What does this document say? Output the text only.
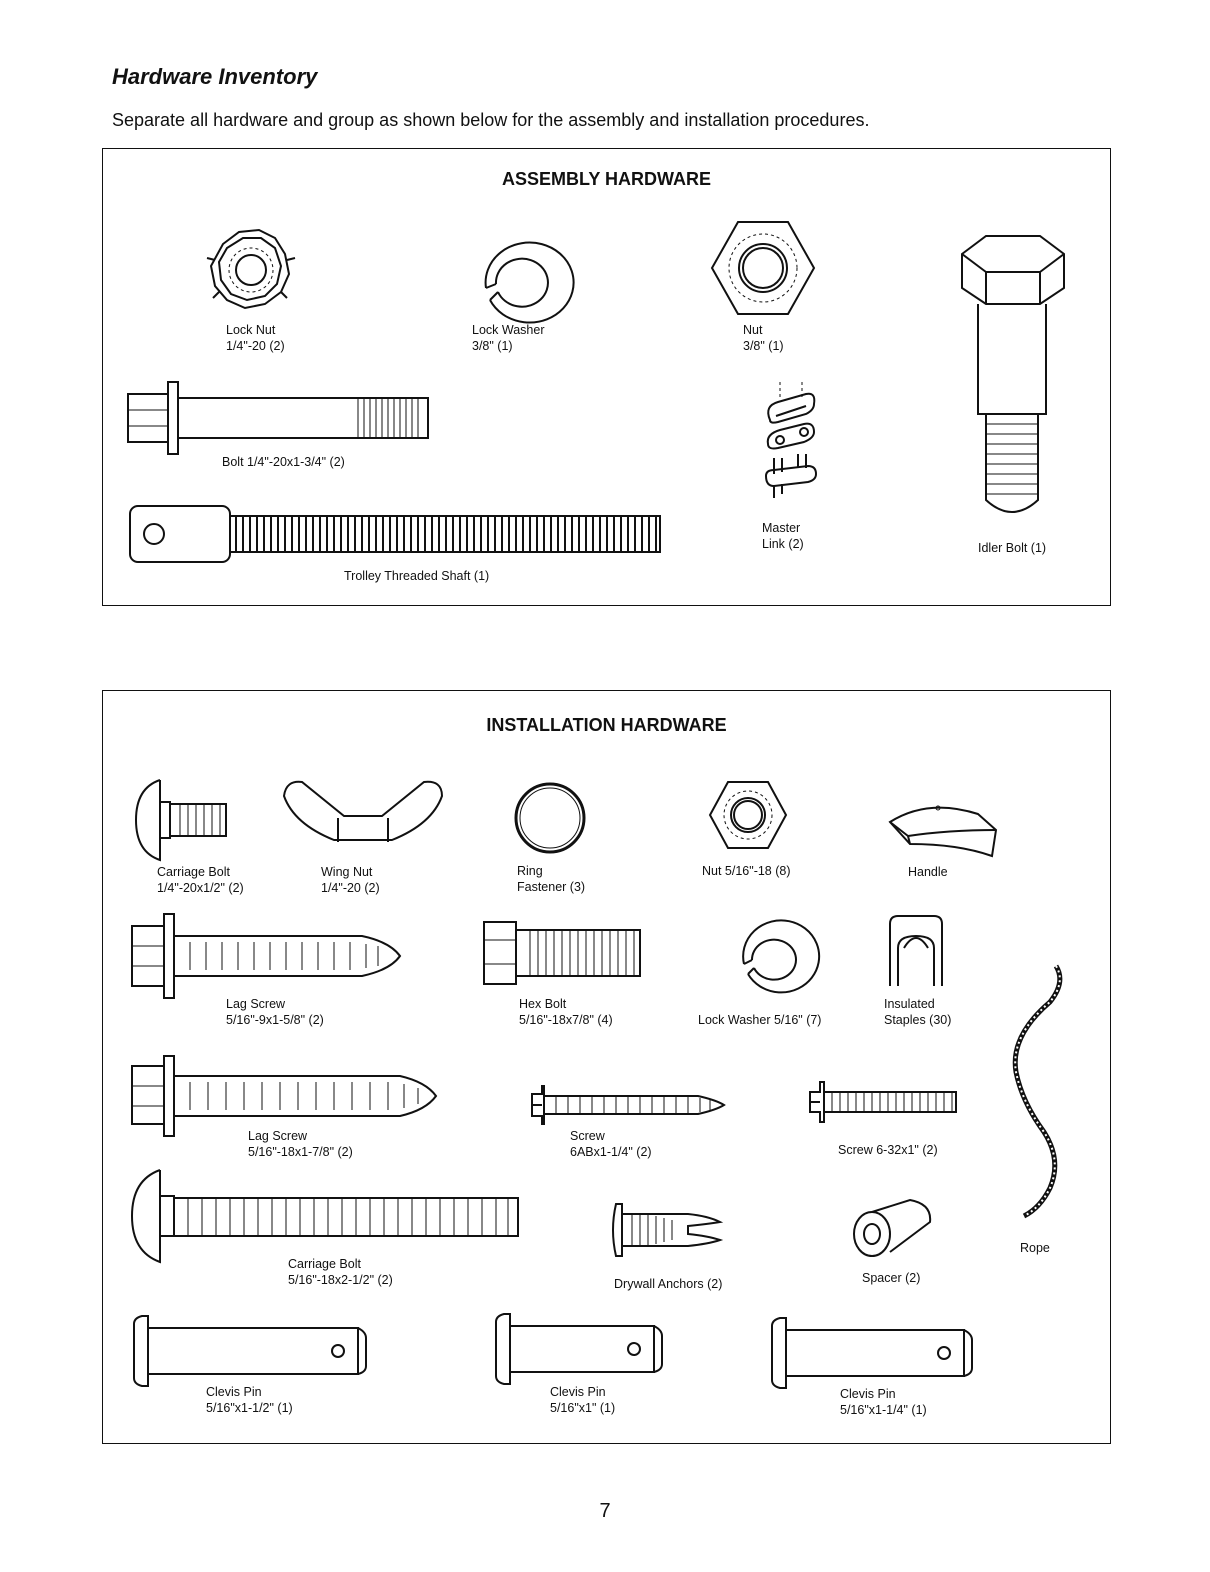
Hardware Inventory
Separate all hardware and group as shown below for the assembly and installation procedures.
ASSEMBLY HARDWARE
Lock Nut
1/4"-20 (2)
Lock Washer
3/8" (1)
Nut
3/8" (1)
Idler Bolt (1)
Bolt 1/4"-20x1-3/4" (2)
Master
Link (2)
Trolley Threaded Shaft (1)
INSTALLATION HARDWARE
Carriage Bolt
1/4"-20x1/2" (2)
Wing Nut
1/4"-20 (2)
Ring
Fastener (3)
Nut 5/16"-18 (8)	Handle
Lag Screw
5/16"-9x1-5/8" (2)
Hex Bolt
5/16"-18x7/8" (4)	Lock Washer 5/16" (7)
Insulated
Staples (30)
Rope
Lag Screw
5/16"-18x1-7/8" (2)
Screw
6ABx1-1/4" (2)	Screw 6-32x1" (2)
Carriage Bolt
5/16"-18x2-1/2" (2)	Drywall Anchors (2)	Spacer (2)
Clevis Pin
5/16"x1-1/2" (1)
Clevis Pin
5/16"x1" (1)
Clevis Pin
5/16"x1-1/4" (1)
7
